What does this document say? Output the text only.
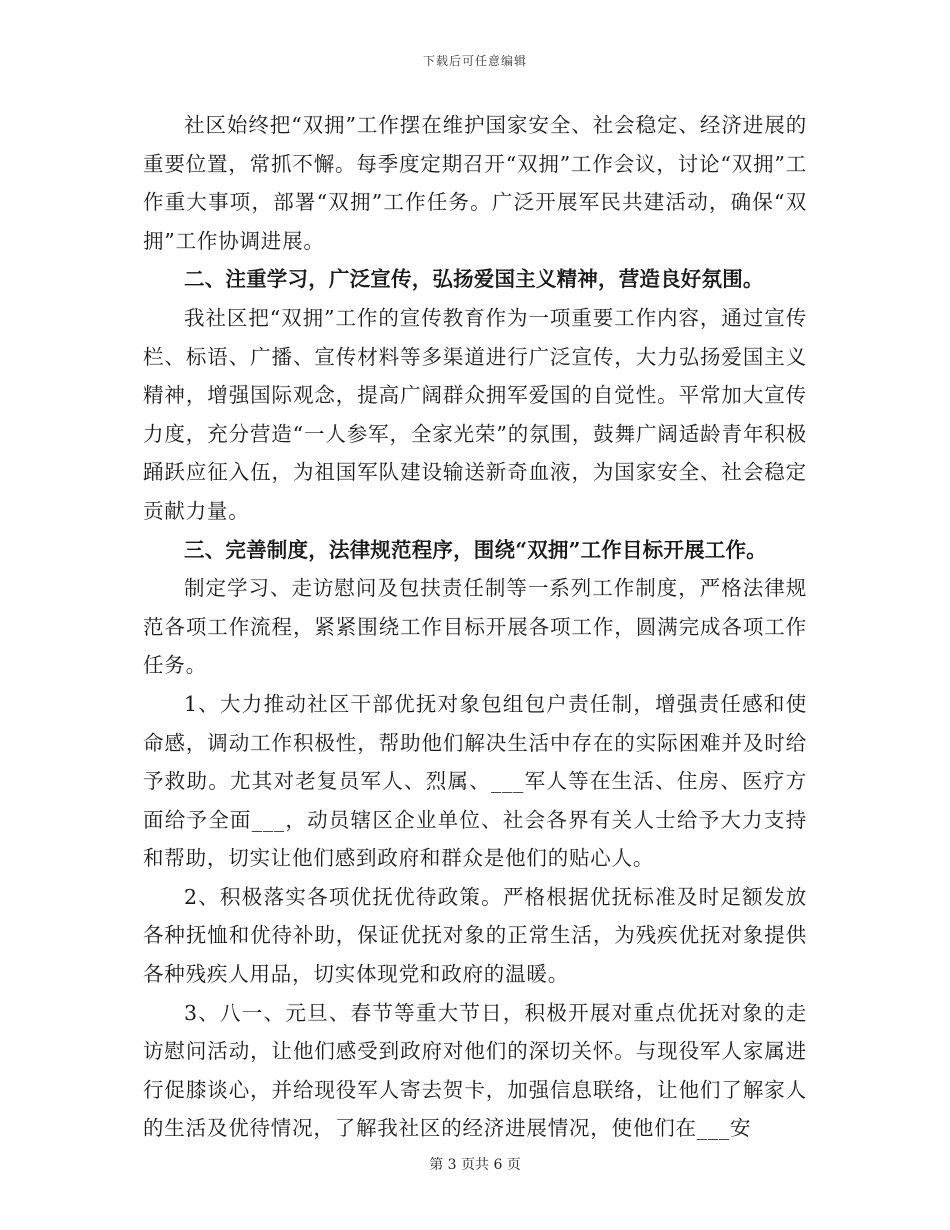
下载后可任意编辑

社区始终把“双拥”工作摆在维护国家安全、社会稳定、经济进展的重要位置，常抓不懈。每季度定期召开“双拥”工作会议，讨论“双拥”工作重大事项，部署“双拥”工作任务。广泛开展军民共建活动，确保“双拥”工作协调进展。

二、注重学习，广泛宣传，弘扬爱国主义精神，营造良好氛围。

我社区把“双拥”工作的宣传教育作为一项重要工作内容，通过宣传栏、标语、广播、宣传材料等多渠道进行广泛宣传，大力弘扬爱国主义精神，增强国际观念，提高广阔群众拥军爱国的自觉性。平常加大宣传力度，充分营造“一人参军，全家光荣”的氛围，鼓舞广阔适龄青年积极踊跃应征入伍，为祖国军队建设输送新奇血液，为国家安全、社会稳定贡献力量。

三、完善制度，法律规范程序，围绕“双拥”工作目标开展工作。

制定学习、走访慰问及包扶责任制等一系列工作制度，严格法律规范各项工作流程，紧紧围绕工作目标开展各项工作，圆满完成各项工作任务。

1、大力推动社区干部优抚对象包组包户责任制，增强责任感和使命感，调动工作积极性，帮助他们解决生活中存在的实际困难并及时给予救助。尤其对老复员军人、烈属、___军人等在生活、住房、医疗方面给予全面___，动员辖区企业单位、社会各界有关人士给予大力支持和帮助，切实让他们感到政府和群众是他们的贴心人。

2、积极落实各项优抚优待政策。严格根据优抚标准及时足额发放各种抚恤和优待补助，保证优抚对象的正常生活，为残疾优抚对象提供各种残疾人用品，切实体现党和政府的温暖。

3、八一、元旦、春节等重大节日，积极开展对重点优抚对象的走访慰问活动，让他们感受到政府对他们的深切关怀。与现役军人家属进行促膝谈心，并给现役军人寄去贺卡，加强信息联络，让他们了解家人的生活及优待情况，了解我社区的经济进展情况，使他们在___安

第 3 页共 6 页
